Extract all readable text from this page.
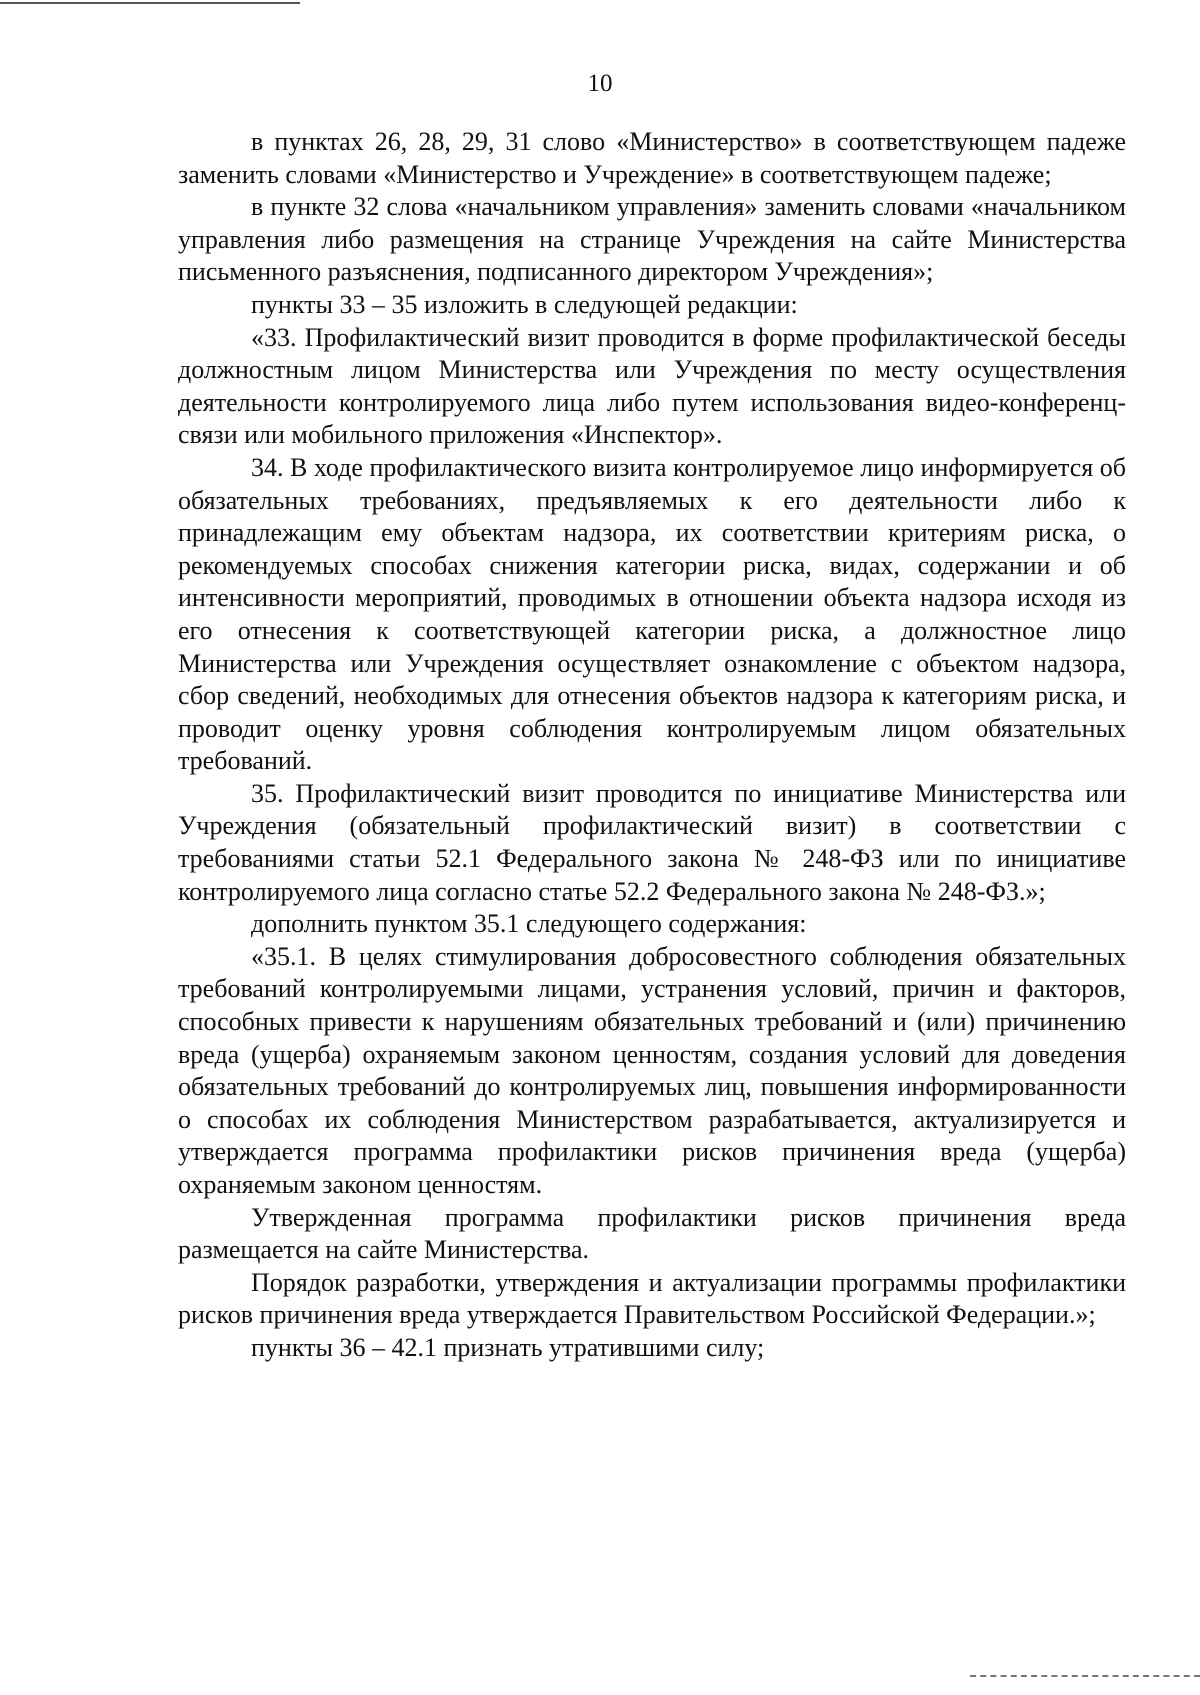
10

в пунктах 26, 28, 29, 31 слово «Министерство» в соответствующем падеже заменить словами «Министерство и Учреждение» в соответствующем падеже;

в пункте 32 слова «начальником управления» заменить словами «начальником управления либо размещения на странице Учреждения на сайте Министерства письменного разъяснения, подписанного директором Учреждения»;

пункты 33 – 35 изложить в следующей редакции:

«33. Профилактический визит проводится в форме профилактической беседы должностным лицом Министерства или Учреждения по месту осуществления деятельности контролируемого лица либо путем использования видео-конференц-связи или мобильного приложения «Инспектор».

34. В ходе профилактического визита контролируемое лицо информируется об обязательных требованиях, предъявляемых к его деятельности либо к принадлежащим ему объектам надзора, их соответствии критериям риска, о рекомендуемых способах снижения категории риска, видах, содержании и об интенсивности мероприятий, проводимых в отношении объекта надзора исходя из его отнесения к соответствующей категории риска, а должностное лицо Министерства или Учреждения осуществляет ознакомление с объектом надзора, сбор сведений, необходимых для отнесения объектов надзора к категориям риска, и проводит оценку уровня соблюдения контролируемым лицом обязательных требований.

35. Профилактический визит проводится по инициативе Министерства или Учреждения (обязательный профилактический визит) в соответствии с требованиями статьи 52.1 Федерального закона № 248-ФЗ или по инициативе контролируемого лица согласно статье 52.2 Федерального закона № 248-ФЗ.»;

дополнить пунктом 35.1 следующего содержания:

«35.1. В целях стимулирования добросовестного соблюдения обязательных требований контролируемыми лицами, устранения условий, причин и факторов, способных привести к нарушениям обязательных требований и (или) причинению вреда (ущерба) охраняемым законом ценностям, создания условий для доведения обязательных требований до контролируемых лиц, повышения информированности о способах их соблюдения Министерством разрабатывается, актуализируется и утверждается программа профилактики рисков причинения вреда (ущерба) охраняемым законом ценностям.

Утвержденная программа профилактики рисков причинения вреда размещается на сайте Министерства.

Порядок разработки, утверждения и актуализации программы профилактики рисков причинения вреда утверждается Правительством Российской Федерации.»;

пункты 36 – 42.1 признать утратившими силу;
